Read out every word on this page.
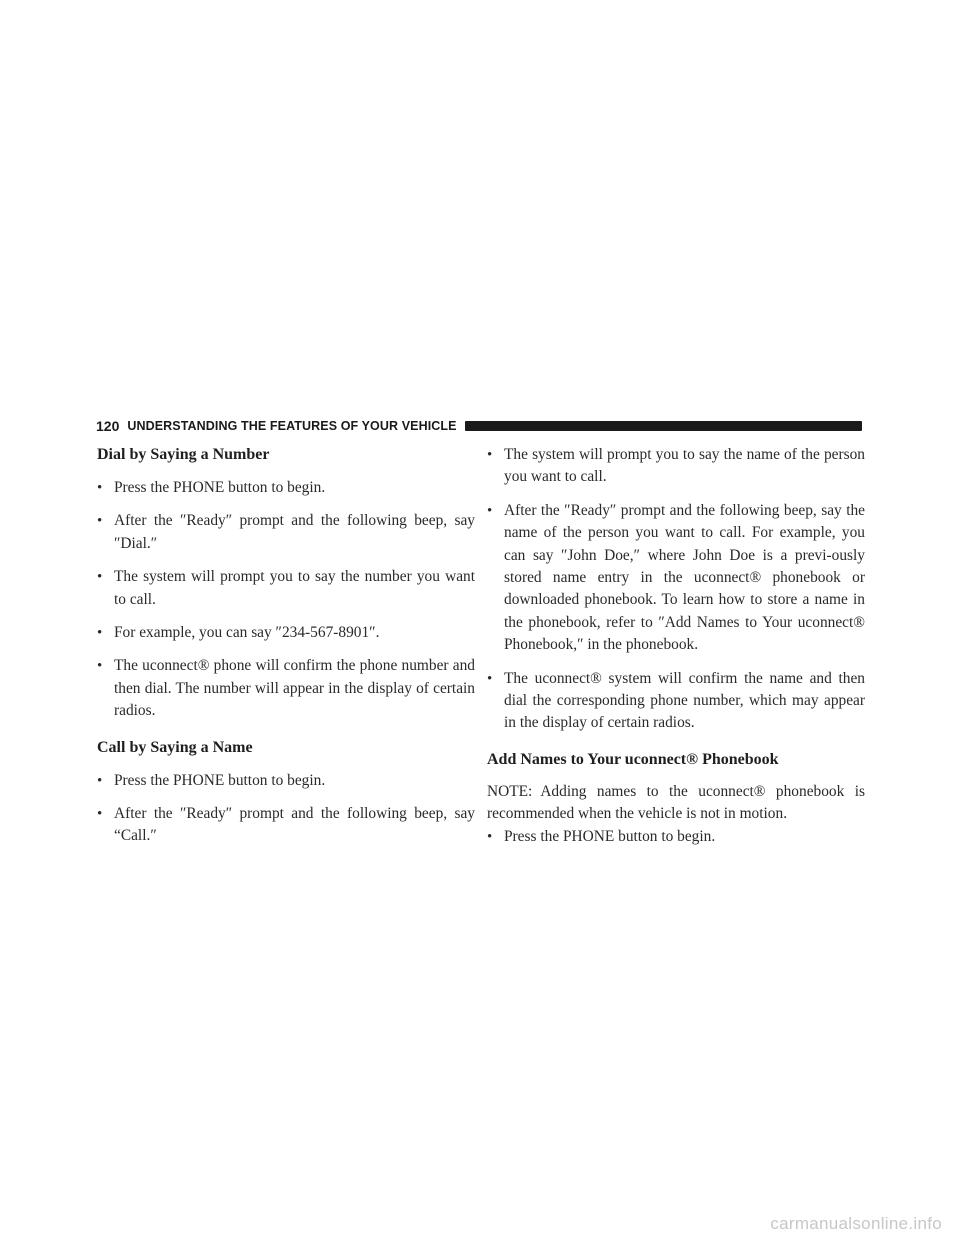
120 UNDERSTANDING THE FEATURES OF YOUR VEHICLE
Dial by Saying a Number
• Press the PHONE button to begin.
• After the ″Ready″ prompt and the following beep, say ″Dial.″
• The system will prompt you to say the number you want to call.
• For example, you can say ″234-567-8901″.
• The uconnect® phone will confirm the phone number and then dial. The number will appear in the display of certain radios.
Call by Saying a Name
• Press the PHONE button to begin.
• After the ″Ready″ prompt and the following beep, say “Call.″
• The system will prompt you to say the name of the person you want to call.
• After the ″Ready″ prompt and the following beep, say the name of the person you want to call. For example, you can say ″John Doe,″ where John Doe is a previ-ously stored name entry in the uconnect® phonebook or downloaded phonebook. To learn how to store a name in the phonebook, refer to ″Add Names to Your uconnect® Phonebook,″ in the phonebook.
• The uconnect® system will confirm the name and then dial the corresponding phone number, which may appear in the display of certain radios.
Add Names to Your uconnect® Phonebook

NOTE: Adding names to the uconnect® phonebook is recommended when the vehicle is not in motion.

• Press the PHONE button to begin.
carmanualsonline.info
